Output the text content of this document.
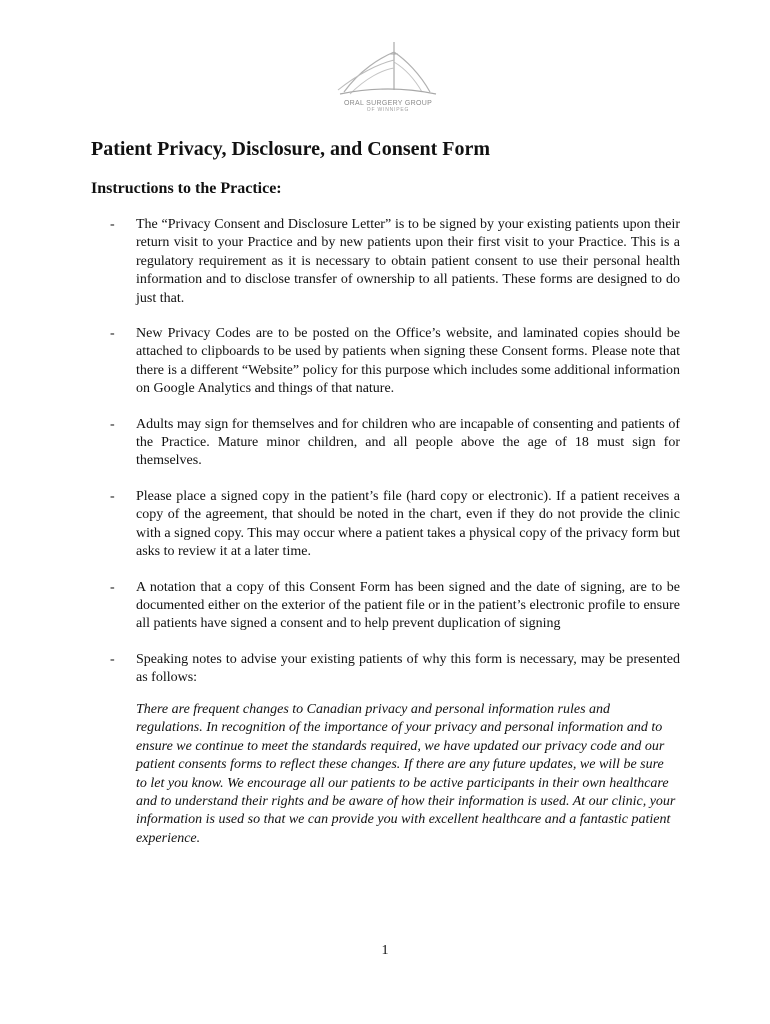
ORAL SURGERY GROUP
OF WINNIPEG
Patient Privacy, Disclosure, and Consent Form
Instructions to the Practice:
- The “Privacy Consent and Disclosure Letter” is to be signed by your existing patients upon their return visit to your Practice and by new patients upon their first visit to your Practice. This is a regulatory requirement as it is necessary to obtain patient consent to use their personal health information and to disclose transfer of ownership to all patients. These forms are designed to do just that.
- New Privacy Codes are to be posted on the Office’s website, and laminated copies should be attached to clipboards to be used by patients when signing these Consent forms. Please note that there is a different “Website” policy for this purpose which includes some additional information on Google Analytics and things of that nature.
- Adults may sign for themselves and for children who are incapable of consenting and patients of the Practice. Mature minor children, and all people above the age of 18 must sign for themselves.
- Please place a signed copy in the patient’s file (hard copy or electronic). If a patient receives a copy of the agreement, that should be noted in the chart, even if they do not provide the clinic with a signed copy. This may occur where a patient takes a physical copy of the privacy form but asks to review it at a later time.
- A notation that a copy of this Consent Form has been signed and the date of signing, are to be documented either on the exterior of the patient file or in the patient’s electronic profile to ensure all patients have signed a consent and to help prevent duplication of signing
- Speaking notes to advise your existing patients of why this form is necessary, may be presented as follows:

There are frequent changes to Canadian privacy and personal information rules and regulations. In recognition of the importance of your privacy and personal information and to ensure we continue to meet the standards required, we have updated our privacy code and our patient consents forms to reflect these changes. If there are any future updates, we will be sure to let you know. We encourage all our patients to be active participants in their own healthcare and to understand their rights and be aware of how their information is used. At our clinic, your information is used so that we can provide you with excellent healthcare and a fantastic patient experience.

1
